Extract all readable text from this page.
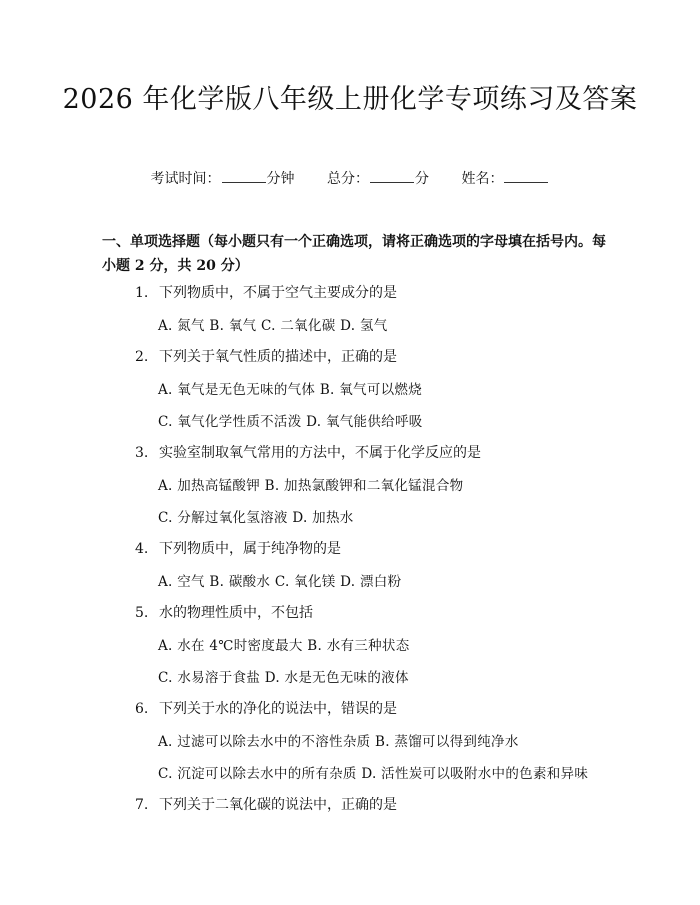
2026 年化学版八年级上册化学专项练习及答案
考试时间：	分钟 总分：	分 姓名：
一、单项选择题（每小题只有一个正确选项，请将正确选项的字母填在括号内。每小题 2 分，共 20 分）
1. 下列物质中，不属于空气主要成分的是
A. 氮气 B. 氧气 C. 二氧化碳 D. 氢气
2. 下列关于氧气性质的描述中，正确的是
A. 氧气是无色无味的气体 B. 氧气可以燃烧
C. 氧气化学性质不活泼 D. 氧气能供给呼吸
3. 实验室制取氧气常用的方法中，不属于化学反应的是
A. 加热高锰酸钾 B. 加热氯酸钾和二氧化锰混合物
C. 分解过氧化氢溶液 D. 加热水
4. 下列物质中，属于纯净物的是
A. 空气 B. 碳酸水 C. 氧化镁 D. 漂白粉
5. 水的物理性质中，不包括
A. 水在 4℃时密度最大 B. 水有三种状态
C. 水易溶于食盐 D. 水是无色无味的液体
6. 下列关于水的净化的说法中，错误的是
A. 过滤可以除去水中的不溶性杂质 B. 蒸馏可以得到纯净水
C. 沉淀可以除去水中的所有杂质 D. 活性炭可以吸附水中的色素和异味
7. 下列关于二氧化碳的说法中，正确的是
